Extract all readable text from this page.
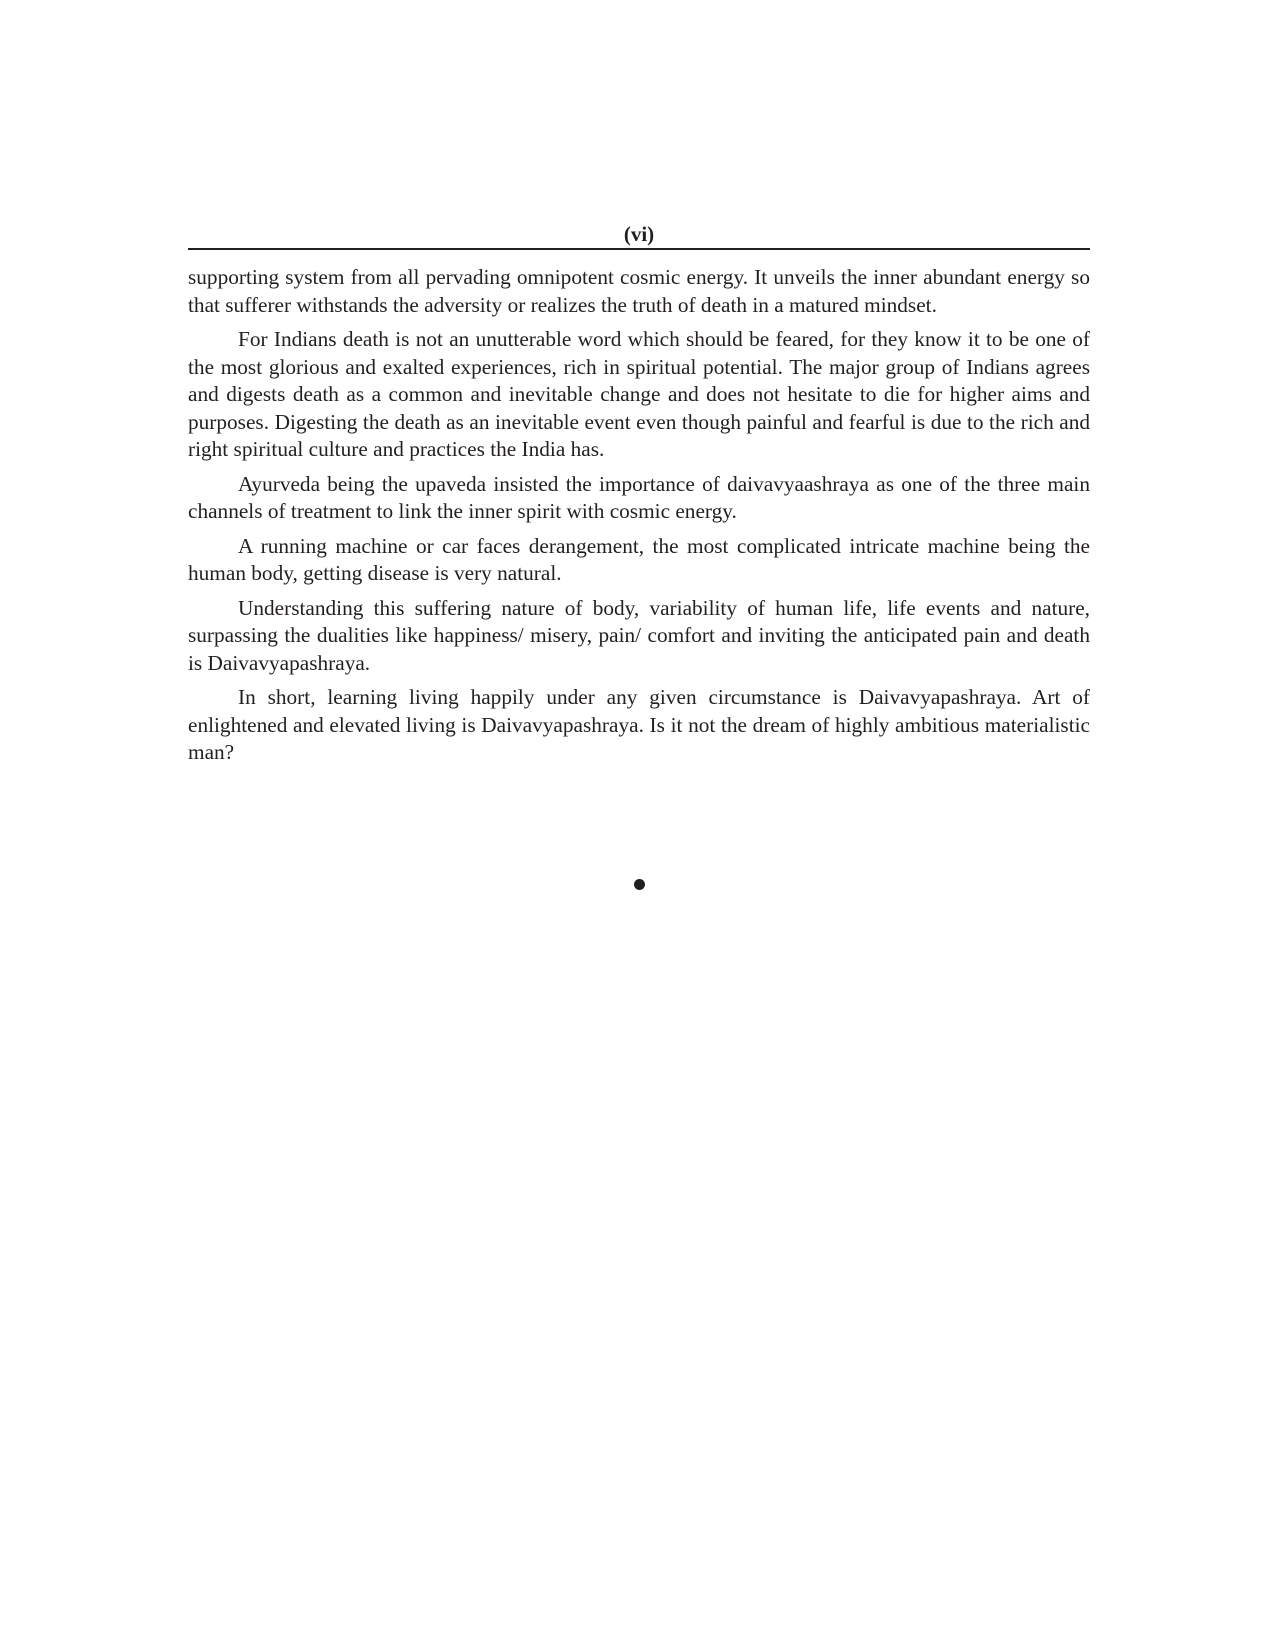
(vi)

supporting system from all pervading omnipotent cosmic energy. It unveils the inner abundant energy so that sufferer withstands the adversity or realizes the truth of death in a matured mindset.

For Indians death is not an unutterable word which should be feared, for they know it to be one of the most glorious and exalted experiences, rich in spiritual potential. The major group of Indians agrees and digests death as a common and inevitable change and does not hesitate to die for higher aims and purposes. Digesting the death as an inevitable event even though painful and fearful is due to the rich and right spiritual culture and practices the India has.

Ayurveda being the upaveda insisted the importance of daivavyaashraya as one of the three main channels of treatment to link the inner spirit with cosmic energy.

A running machine or car faces derangement, the most complicated intricate machine being the human body, getting disease is very natural.

Understanding this suffering nature of body, variability of human life, life events and nature, surpassing the dualities like happiness/ misery, pain/ comfort and inviting the anticipated pain and death is Daivavyapashraya.

In short, learning living happily under any given circumstance is Daivavyapashraya. Art of enlightened and elevated living is Daivavyapashraya. Is it not the dream of highly ambitious materialistic man?
